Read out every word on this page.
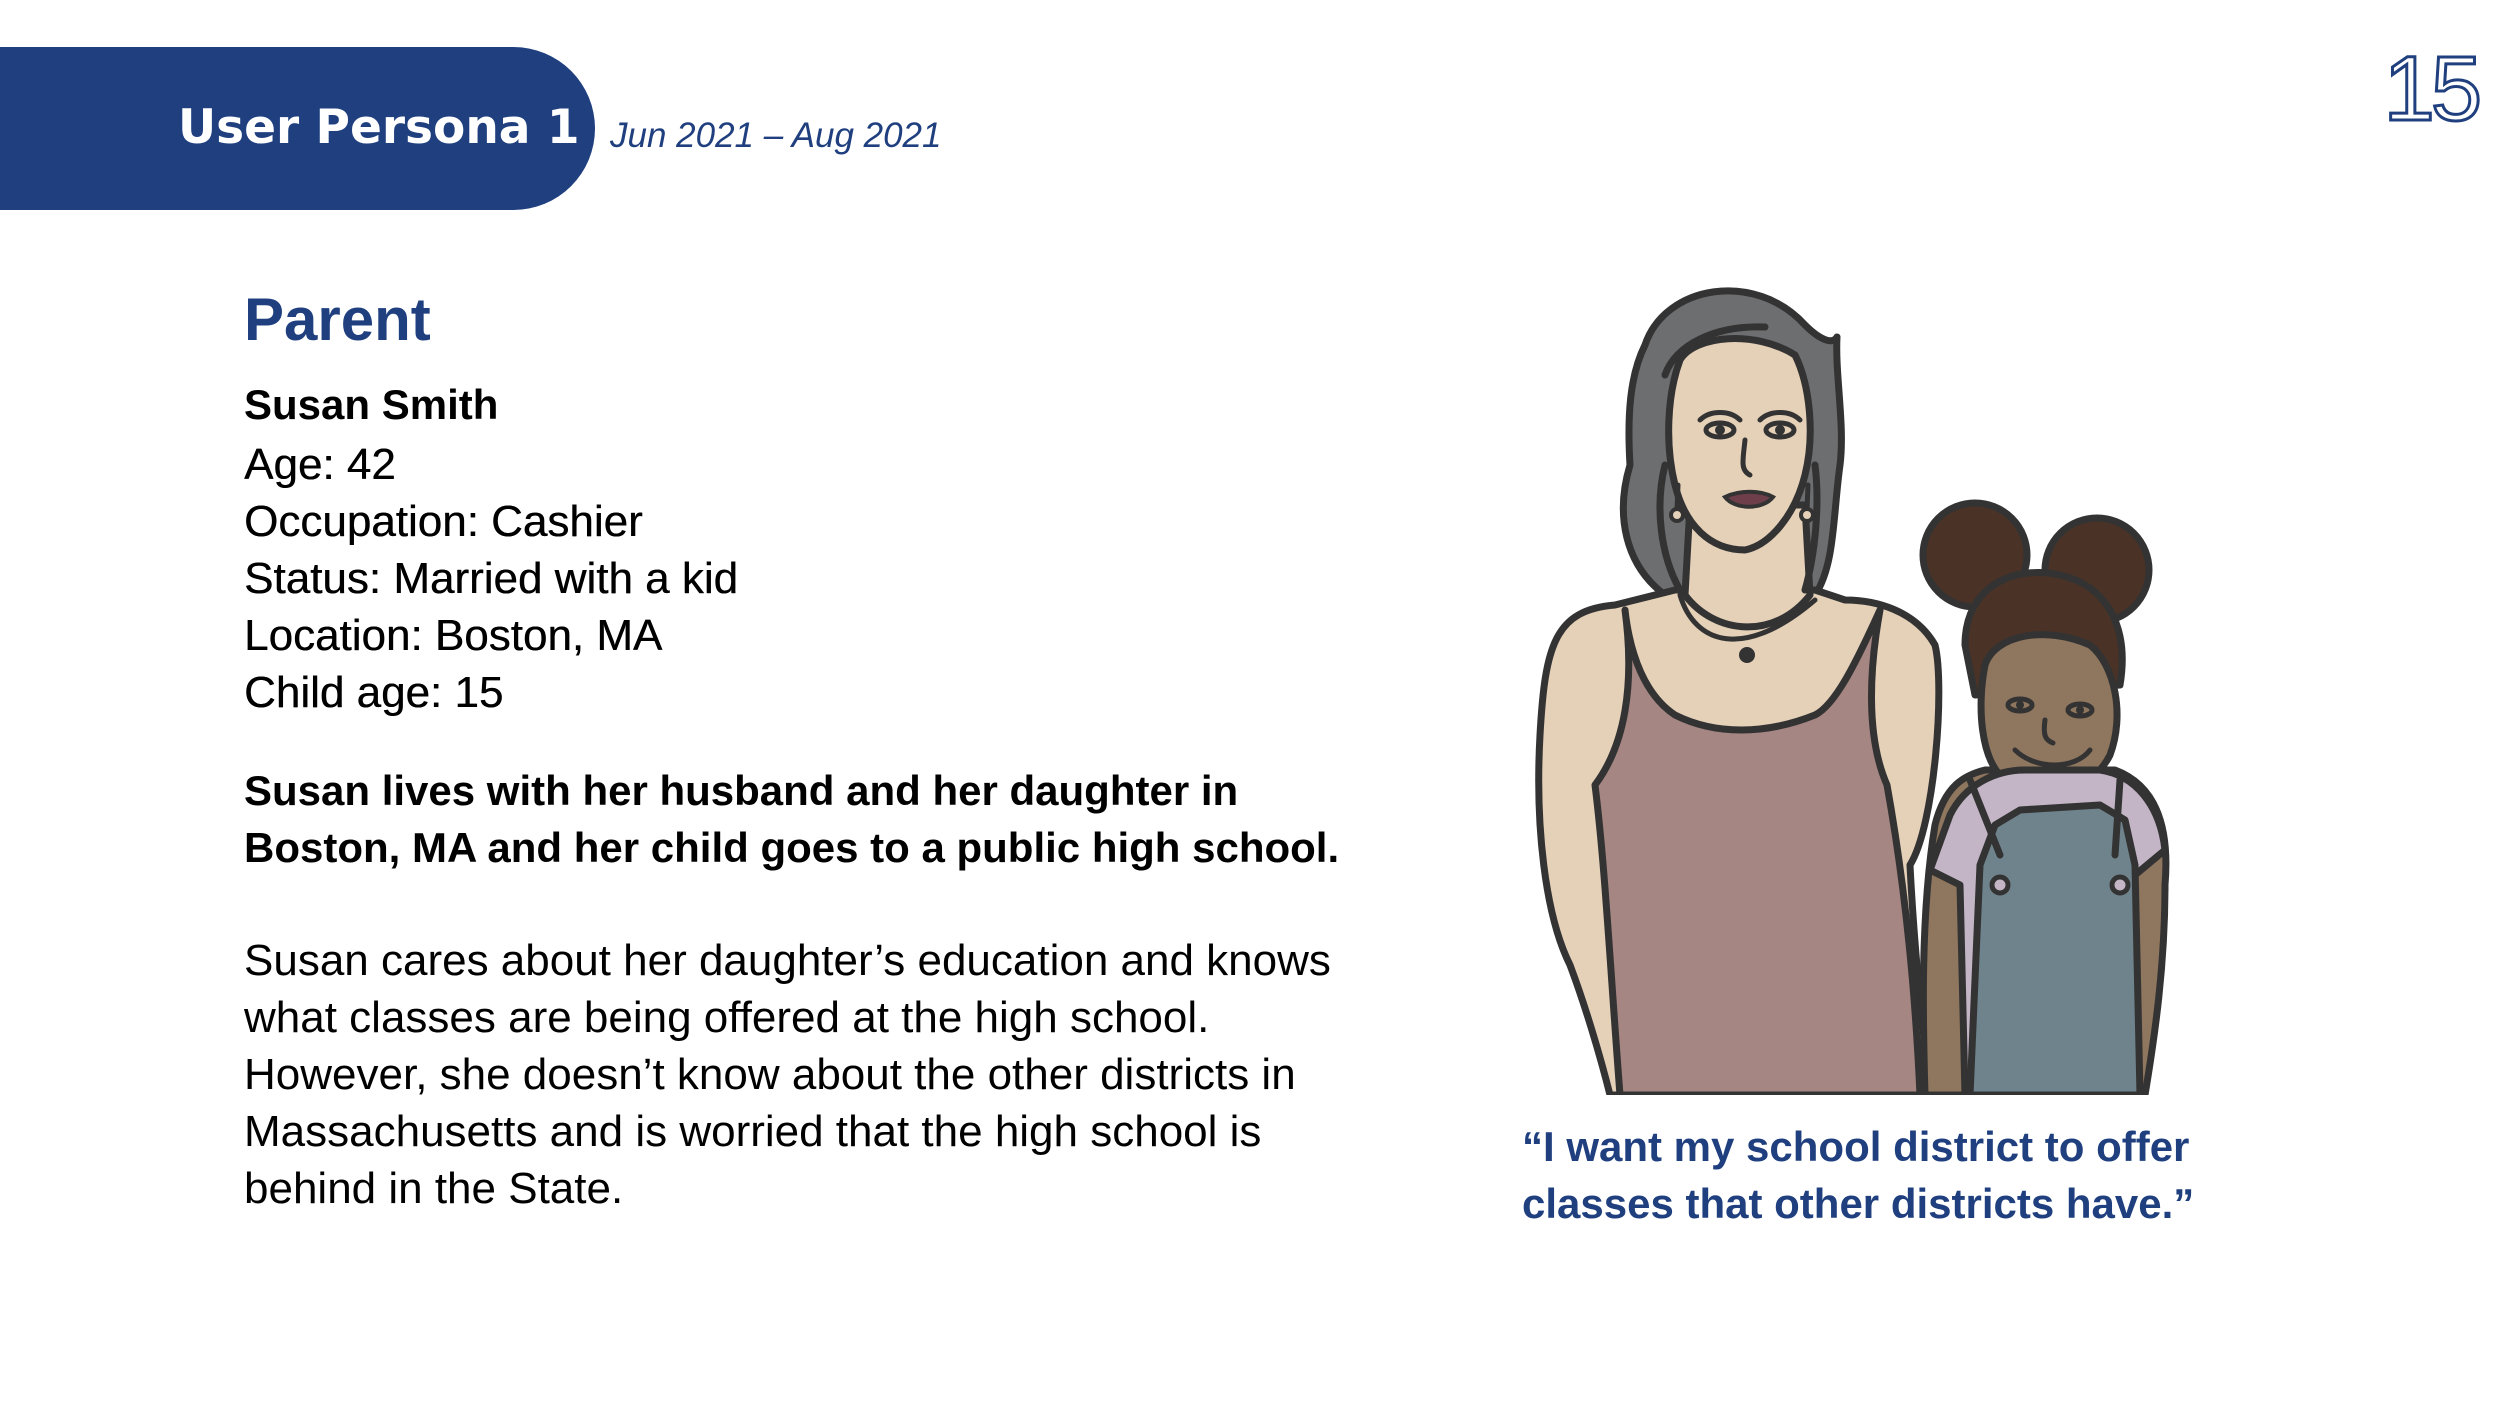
User Persona 1 Jun 2021 – Aug 2021	15
Parent
Susan Smith
Age: 42
Occupation: Cashier
Status: Married with a kid
Location: Boston, MA
Child age: 15
Susan lives with her husband and her daughter in Boston, MA and her child goes to a public high school.
Susan cares about her daughter’s education and knows what classes are being offered at the high school. However, she doesn’t know about the other districts in Massachusetts and is worried that the high school is behind in the State.
“I want my school district to offer classes that other districts have.”
